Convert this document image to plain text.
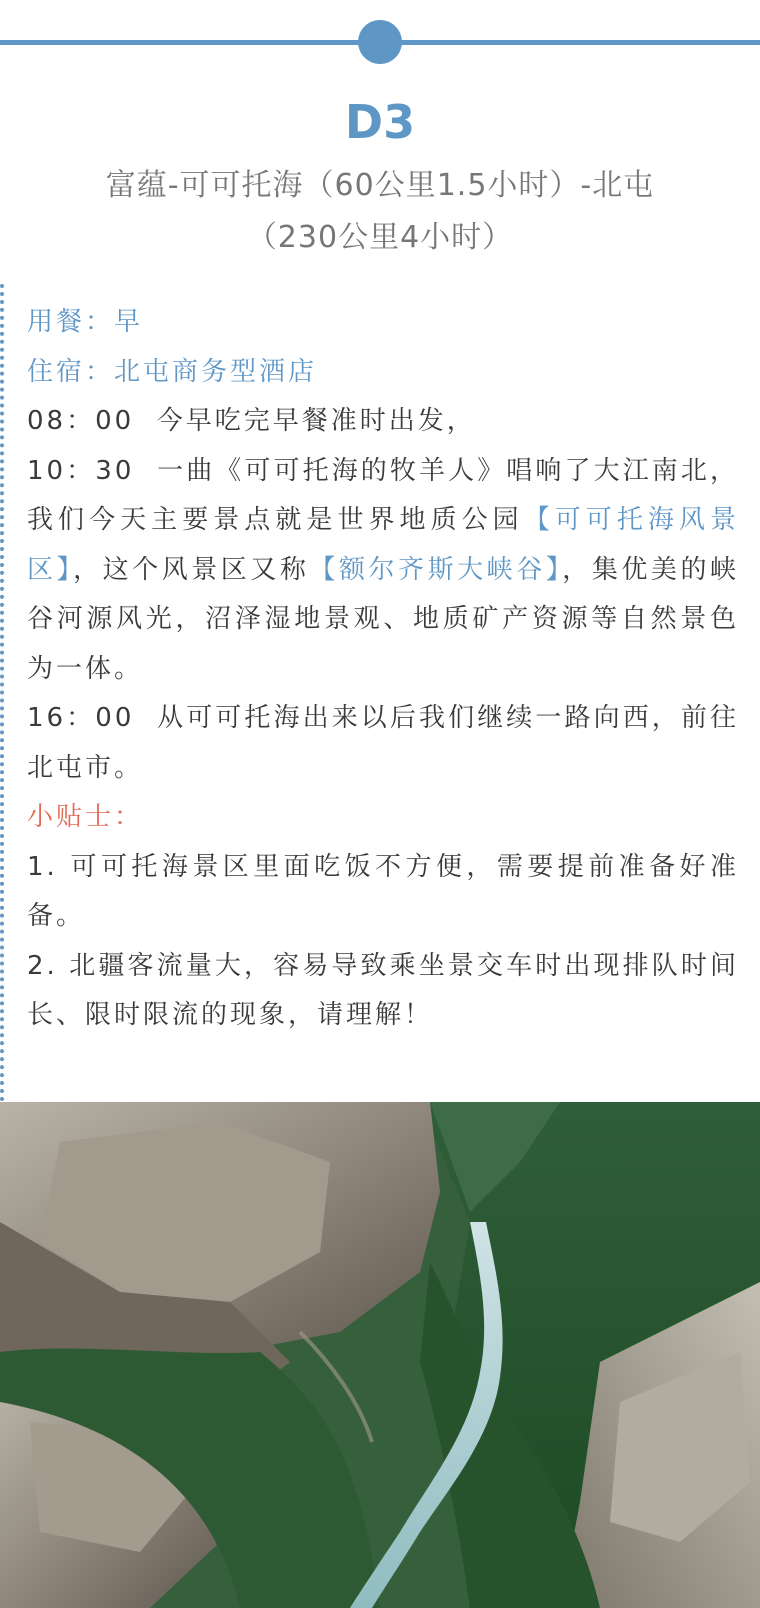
D3
富蕴-可可托海（60公里1.5小时）-北屯
（230公里4小时）

用餐：早

住宿：北屯商务型酒店

08：00 今早吃完早餐准时出发，

10：30 一曲《可可托海的牧羊人》唱响了大江南北，我们今天主要景点就是世界地质公园【可可托海风景区】，这个风景区又称【额尔齐斯大峡谷】，集优美的峡谷河源风光，沼泽湿地景观、地质矿产资源等自然景色为一体。

16：00 从可可托海出来以后我们继续一路向西，前往北屯市。

小贴士：

1. 可可托海景区里面吃饭不方便，需要提前准备好准备。

2. 北疆客流量大，容易导致乘坐景交车时出现排队时间长、限时限流的现象，请理解！
